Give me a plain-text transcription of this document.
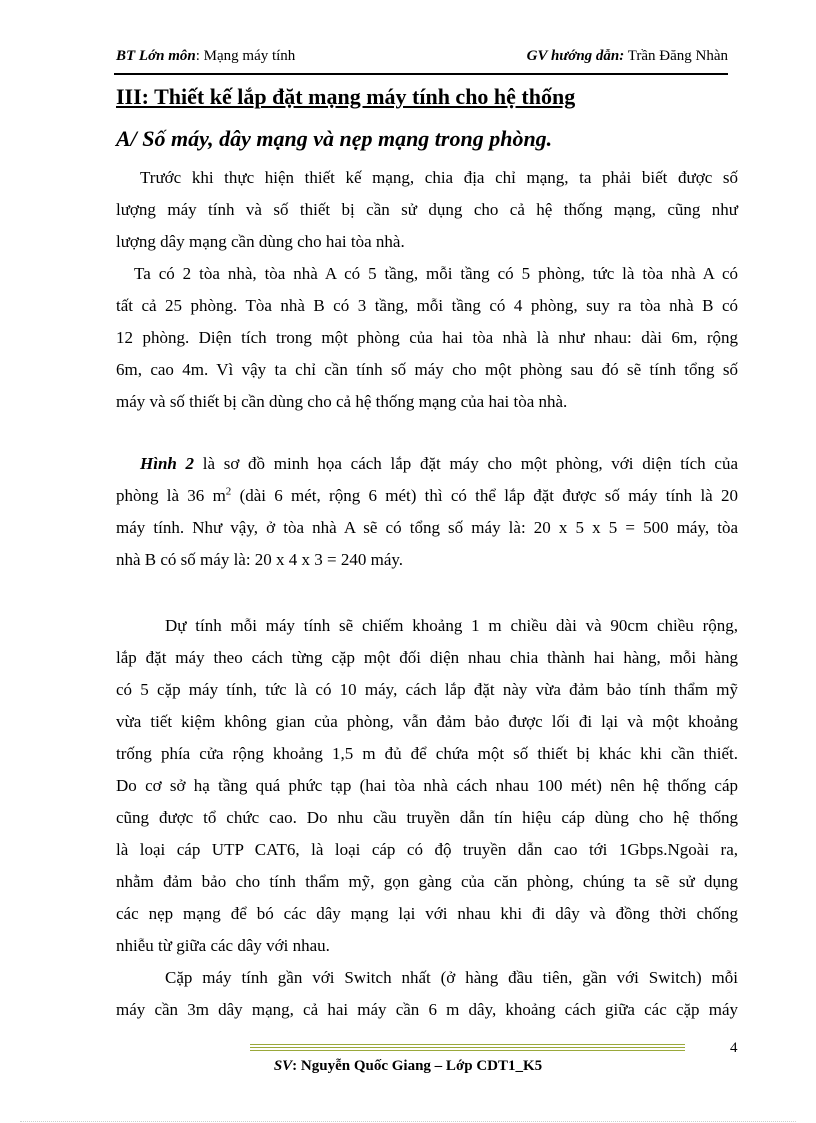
BT Lớn môn: Mạng máy tính	GV hướng dẫn: Trần Đăng Nhàn
III: Thiết kế lắp đặt mạng máy tính cho hệ thống
A/ Số máy, dây mạng và nẹp mạng trong phòng.
Trước khi thực hiện thiết kế mạng, chia địa chỉ mạng, ta phải biết được số
lượng máy tính và số thiết bị cần sử dụng cho cả hệ thống mạng, cũng như
lượng dây mạng cần dùng cho hai tòa nhà.
Ta có 2 tòa nhà, tòa nhà A có 5 tầng, mỗi tầng có 5 phòng, tức là tòa nhà A có
tất cả 25 phòng. Tòa nhà B có 3 tầng, mỗi tầng có 4 phòng, suy ra tòa nhà B có
12 phòng. Diện tích trong một phòng của hai tòa nhà là như nhau: dài 6m, rộng
6m, cao 4m. Vì vậy ta chỉ cần tính số máy cho một phòng sau đó sẽ tính tổng số
máy và số thiết bị cần dùng cho cả hệ thống mạng của hai tòa nhà.
Hình 2 là sơ đồ minh họa cách lắp đặt máy cho một phòng, với diện tích của
phòng là 36 $m^2$ (dài 6 mét, rộng 6 mét) thì có thể lắp đặt được số máy tính là 20
máy tính. Như vậy, ở tòa nhà A sẽ có tổng số máy là: 20 x 5 x 5 = 500 máy, tòa
nhà B có số máy là: 20 x 4 x 3 = 240 máy.
Dự tính mỗi máy tính sẽ chiếm khoảng 1 m chiều dài và 90cm chiều rộng,
lắp đặt máy theo cách từng cặp một đối diện nhau chia thành hai hàng, mỗi hàng
có 5 cặp máy tính, tức là có 10 máy, cách lắp đặt này vừa đảm bảo tính thẩm mỹ
vừa tiết kiệm không gian của phòng, vẫn đảm bảo được lối đi lại và một khoảng
trống phía cửa rộng khoảng 1,5 m đủ để chứa một số thiết bị khác khi cần thiết.
Do cơ sở hạ tầng quá phức tạp (hai tòa nhà cách nhau 100 mét) nên hệ thống cáp
cũng được tổ chức cao. Do nhu cầu truyền dẫn tín hiệu cáp dùng cho hệ thống
là loại cáp UTP CAT6, là loại cáp có độ truyền dẫn cao tới 1Gbps.Ngoài ra,
nhằm đảm bảo cho tính thẩm mỹ, gọn gàng của căn phòng, chúng ta sẽ sử dụng
các nẹp mạng để bó các dây mạng lại với nhau khi đi dây và đồng thời chống
nhiễu từ giữa các dây với nhau.
Cặp máy tính gần với Switch nhất (ở hàng đầu tiên, gần với Switch) mỗi
máy cần 3m dây mạng, cả hai máy cần 6 m dây, khoảng cách giữa các cặp máy
4
SV: Nguyễn Quốc Giang – Lớp CDT1_K5
